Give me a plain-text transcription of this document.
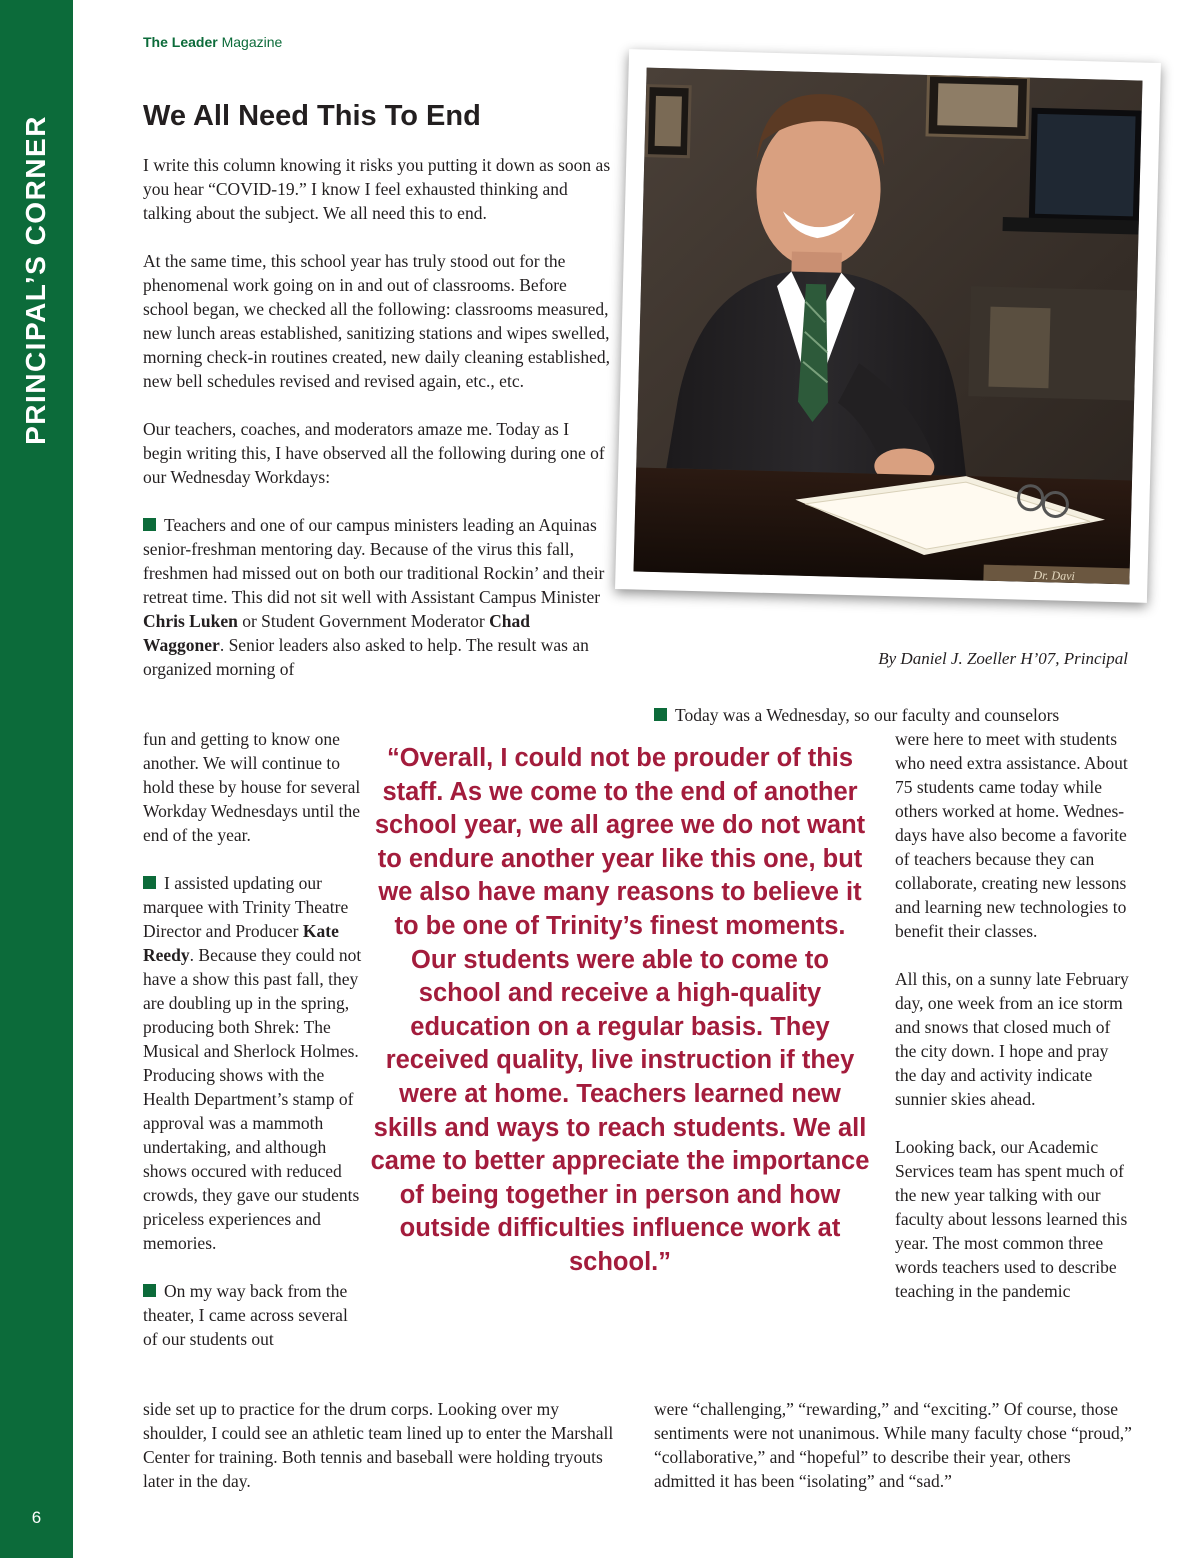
PRINCIPAL’S CORNER
6
The Leader Magazine
We All Need This To End

I write this column knowing it risks you putting it down as soon as you hear “COVID-19.” I know I feel exhausted thinking and talking about the subject. We all need this to end.

At the same time, this school year has truly stood out for the phenomenal work going on in and out of classrooms. Before school began, we checked all the following: classrooms measured, new lunch areas established, sanitizing stations and wipes swelled, morning check-in routines created, new daily cleaning established, new bell schedules revised and revised again, etc., etc.

Our teachers, coaches, and moderators amaze me. Today as I begin writing this, I have observed all the following during one of our Wednesday Workdays:

Teachers and one of our campus ministers leading an Aquinas senior-freshman mentoring day. Because of the virus this fall, freshmen had missed out on both our traditional Rockin’ and their retreat time. This did not sit well with Assistant Campus Minister Chris Luken or Student Government Moderator Chad Waggoner. Senior leaders also asked to help. The result was an organized morning of

fun and getting to know one another. We will continue to hold these by house for several Workday Wednesdays until the end of the year.

I assisted updating our marquee with Trinity Theatre Director and Producer Kate Reedy. Because they could not have a show this past fall, they are doubling up in the spring, producing both Shrek: The Musical and Sherlock Holmes. Producing shows with the Health Department’s stamp of approval was a mammoth undertaking, and although shows occured with reduced crowds, they gave our students priceless experiences and memories.

On my way back from the theater, I came across several of our students out

side set up to practice for the drum corps. Looking over my shoulder, I could see an athletic team lined up to enter the Marshall Center for training. Both tennis and baseball were holding tryouts later in the day.

Dr. Davi
By Daniel J. Zoeller H’07, Principal

Today was a Wednesday, so our faculty and counselors

were here to meet with students who need extra assistance. About 75 students came today while others worked at home. Wednesdays have also become a favorite of teachers because they can collaborate, creating new lessons and learning new technologies to benefit their classes.

All this, on a sunny late February day, one week from an ice storm and snows that closed much of the city down. I hope and pray the day and activity indicate sunnier skies ahead.

Looking back, our Academic Services team has spent much of the new year talking with our faculty about lessons learned this year. The most common three words teachers used to describe teaching in the pandemic

were “challenging,” “rewarding,” and “exciting.” Of course, those sentiments were not unanimous. While many faculty chose “proud,” “collaborative,” and “hopeful” to describe their year, others admitted it has been “isolating” and “sad.”

“Overall, I could not be prouder of this staff. As we come to the end of another school year, we all agree we do not want to endure another year like this one, but we also have many reasons to believe it to be one of Trinity’s finest moments. Our students were able to come to school and receive a high-quality education on a regular basis. They received quality, live instruction if they were at home. Teachers learned new skills and ways to reach students. We all came to better appreciate the importance of being together in person and how outside difficulties influence work at school.”
